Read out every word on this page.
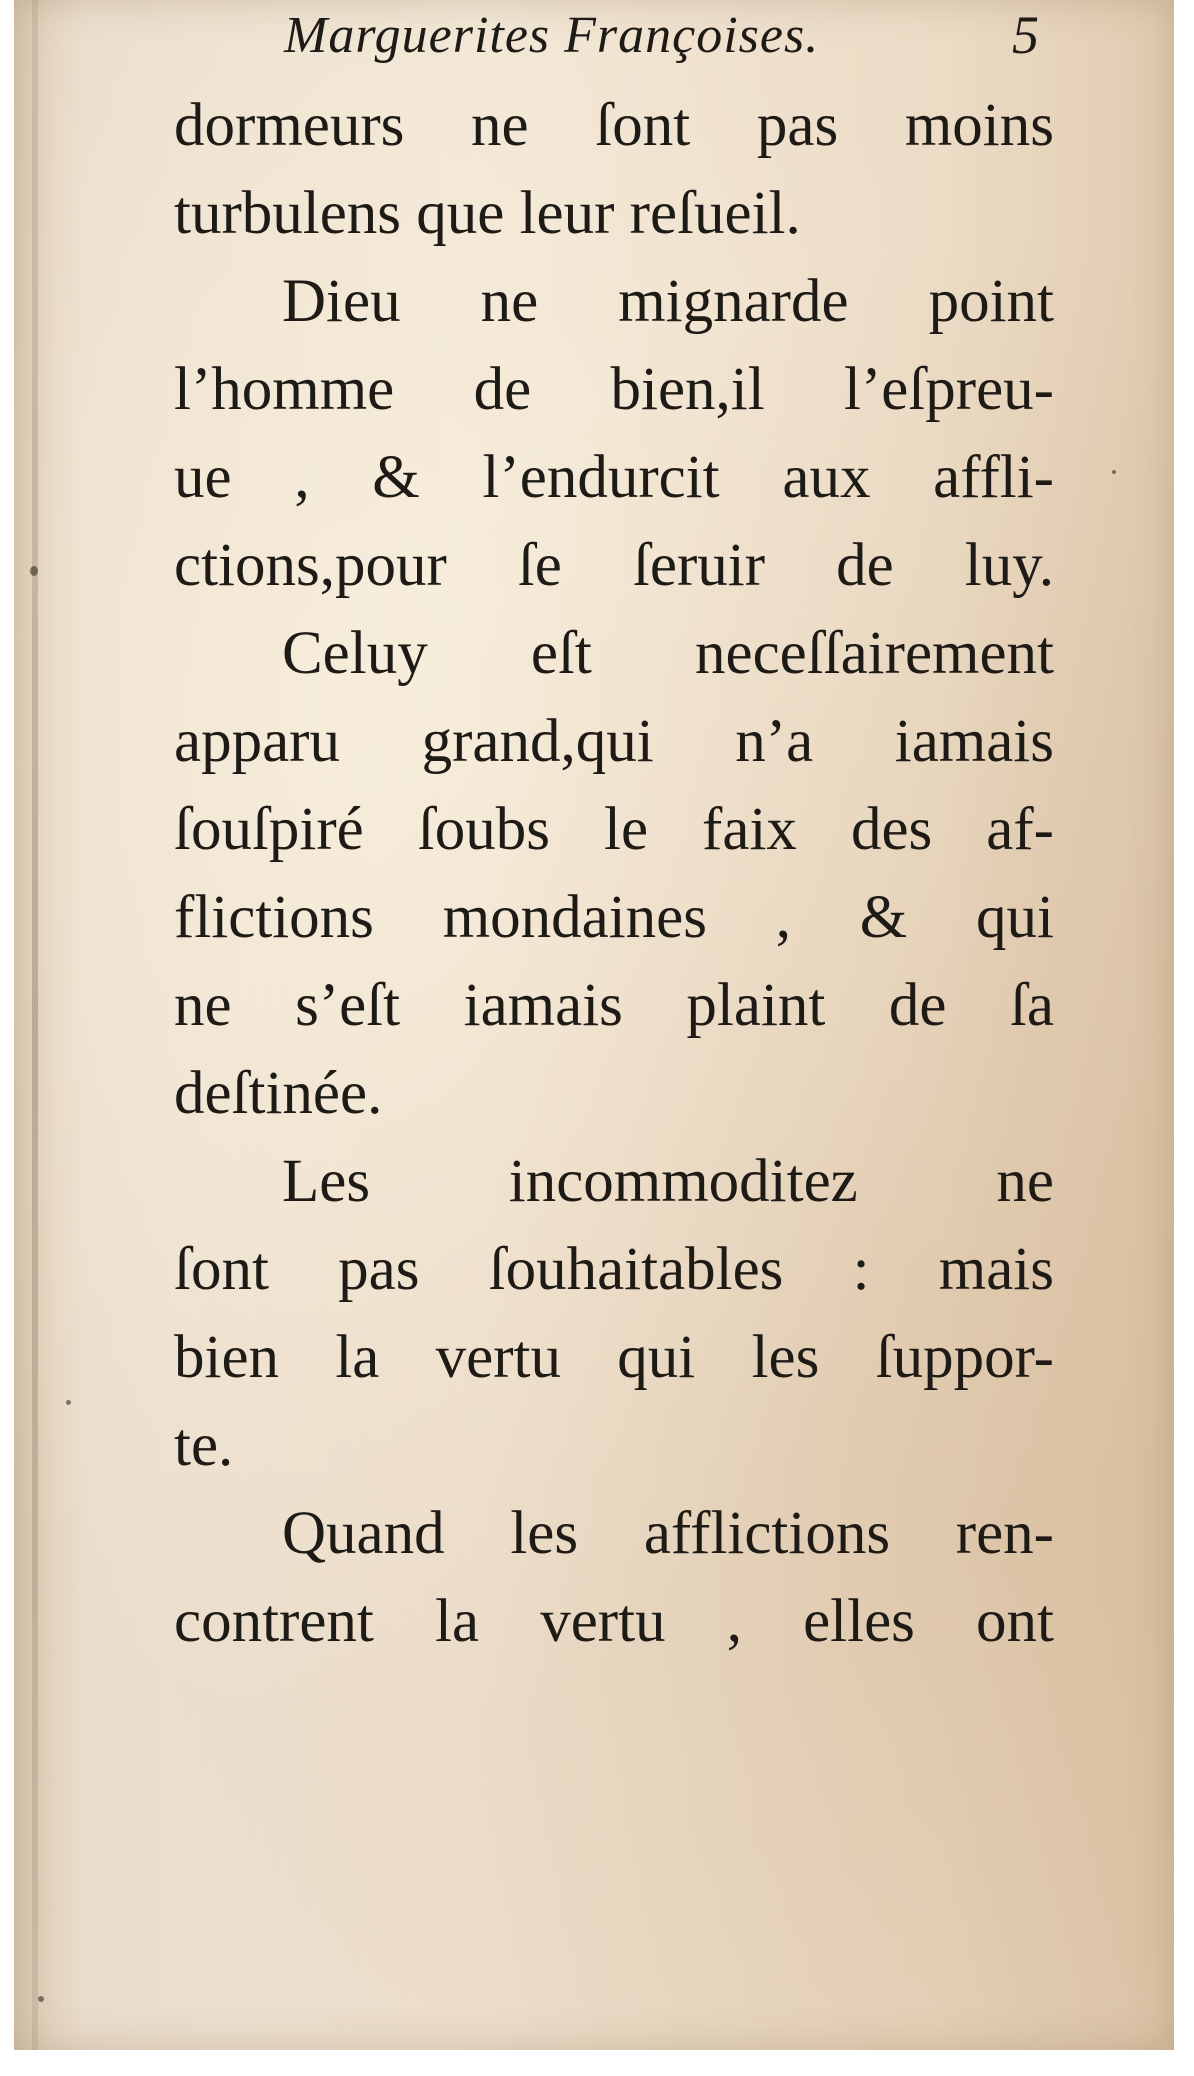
Marguerites Françoises.	5
dormeurs ne ſont pas moins
turbulens que leur reſueil.
Dieu ne mignarde point
l’homme de bien,il l’eſpreu-
ue , & l’endurcit aux affli-
ctions,pour ſe ſeruir de luy.
Celuy eſt neceſſairement
apparu grand,qui n’a iamais
ſouſpiré ſoubs le faix des af-
flictions mondaines , & qui
ne s’eſt iamais plaint de ſa
deſtinée.
Les incommoditez ne
ſont pas ſouhaitables : mais
bien la vertu qui les ſuppor-
te.
Quand les afflictions ren-
contrent la vertu , elles ont
